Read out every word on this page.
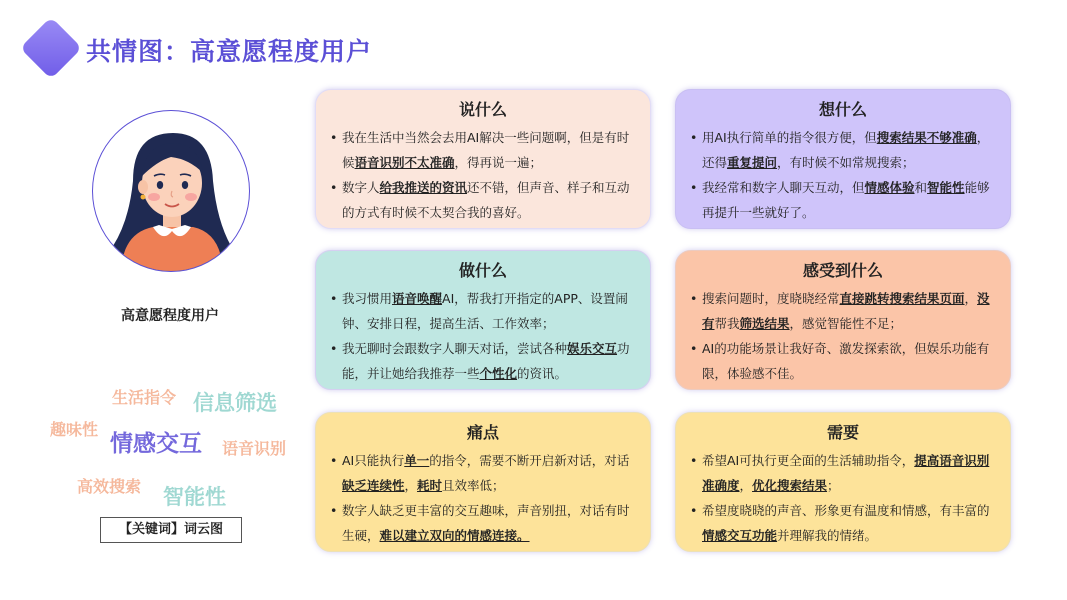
共情图：高意愿程度用户
高意愿程度用户
生活指令 信息筛选
趣味性
情感交互 语音识别
高效搜索 智能性
【关键词】词云图
说什么
• 我在生活中当然会去用AI解决一些问题啊，但是有时候语音识别不太准确，得再说一遍；
• 数字人给我推送的资讯还不错，但声音、样子和互动的方式有时候不太契合我的喜好。
想什么
• 用AI执行简单的指令很方便，但搜索结果不够准确，还得重复提问，有时候不如常规搜索；
• 我经常和数字人聊天互动，但情感体验和智能性能够再提升一些就好了。
做什么
• 我习惯用语音唤醒AI，帮我打开指定的APP、设置闹钟、安排日程，提高生活、工作效率；
• 我无聊时会跟数字人聊天对话，尝试各种娱乐交互功能，并让她给我推荐一些个性化的资讯。
感受到什么
• 搜索问题时，度晓晓经常直接跳转搜索结果页面，没有帮我筛选结果，感觉智能性不足；
• AI的功能场景让我好奇、激发探索欲，但娱乐功能有限，体验感不佳。
痛点
• AI只能执行单一的指令，需要不断开启新对话，对话缺乏连续性，耗时且效率低；
• 数字人缺乏更丰富的交互趣味，声音别扭，对话有时生硬，难以建立双向的情感连接。
需要
• 希望AI可执行更全面的生活辅助指令，提高语音识别准确度，优化搜索结果；
• 希望度晓晓的声音、形象更有温度和情感，有丰富的情感交互功能并理解我的情绪。
